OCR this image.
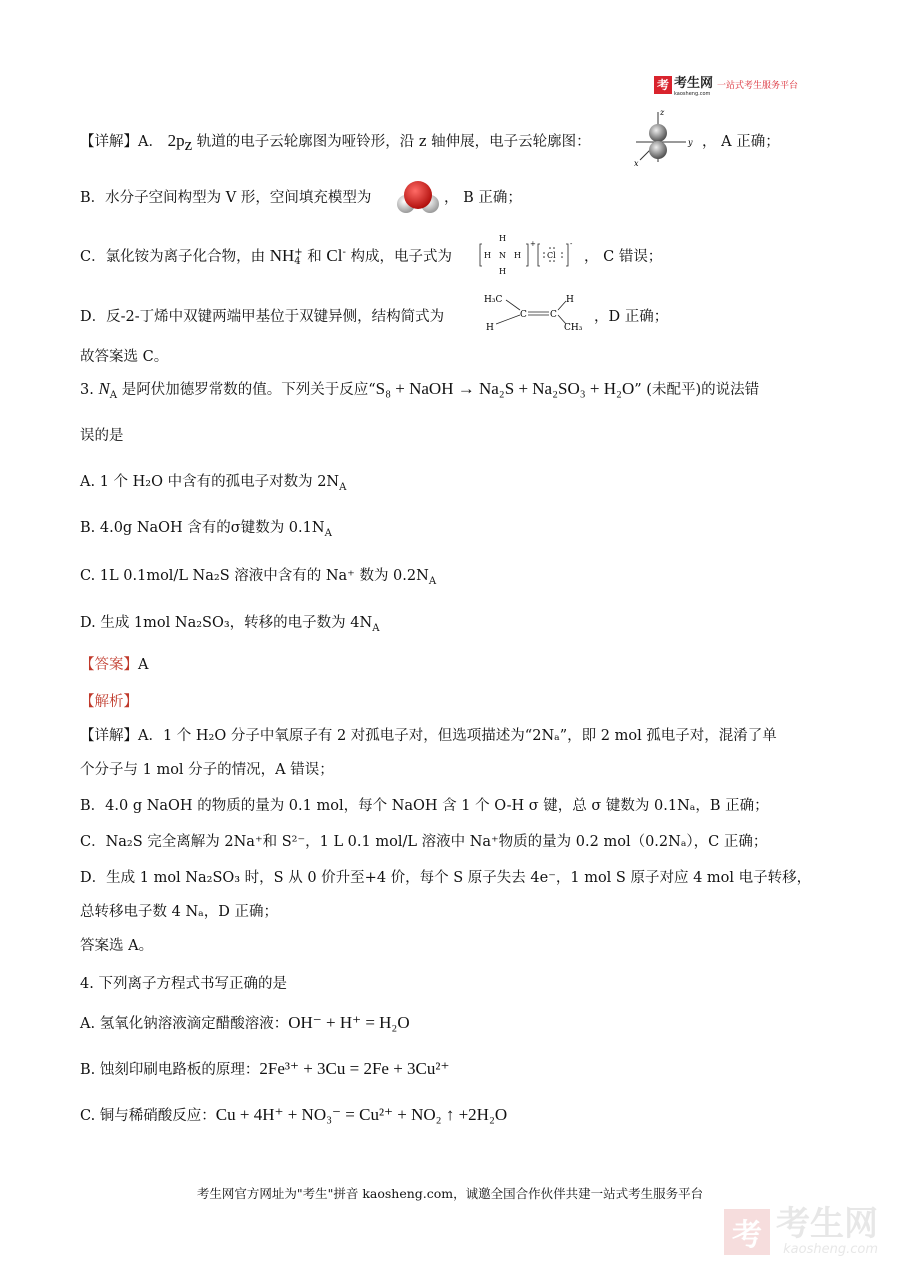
考 考生网
kaosheng.com
一站式考生服务平台
【详解】A． $2p_z$ 轨道的电子云轮廓图为哑铃形，沿 z 轴伸展，电子云轮廓图：
z
y
x
， A 正确；
B．水分子空间构型为 V 形，空间填充模型为	， B 正确；
C．氯化铵为离子化合物，由 NH +
4 和 Cl- 构成，电子式为
H
H N H
H
+
Cl
-
， C 错误；
D．反-2-丁烯中双键两端甲基位于双键异侧，结构简式为
H₃C	H
C	C
H	CH₃
，D 正确；
故答案选 C。
3. $N_A$ 是阿伏加德罗常数的值。下列关于反应“S₈ + NaOH → Na₂S + Na₂SO₃ + H₂O” (未配平)的说法错
误的是
A. 1 个 H₂O 中含有的孤电子对数为 $2N_A$
B. 4.0g NaOH 含有的σ键数为 $0.1N_A$
C. 1L 0.1mol/L Na₂S 溶液中含有的 Na⁺ 数为 $0.2N_A$
D. 生成 1mol Na₂SO₃，转移的电子数为 $4N_A$
【答案】A
【解析】
【详解】A．1 个 H₂O 分子中氧原子有 2 对孤电子对，但选项描述为“2Nₐ”，即 2 mol 孤电子对，混淆了单
个分子与 1 mol 分子的情况，A 错误；
B．4.0 g NaOH 的物质的量为 0.1 mol，每个 NaOH 含 1 个 O-H σ 键，总 σ 键数为 0.1Nₐ，B 正确；
C．Na₂S 完全离解为 2Na⁺和 S²⁻，1 L 0.1 mol/L 溶液中 Na⁺物质的量为 0.2 mol（0.2Nₐ），C 正确；
D．生成 1 mol Na₂SO₃ 时，S 从 0 价升至+4 价，每个 S 原子失去 4e⁻，1 mol S 原子对应 4 mol 电子转移，
总转移电子数 4 Nₐ，D 正确；
答案选 A。
4. 下列离子方程式书写正确的是
A. 氢氧化钠溶液滴定醋酸溶液：OH⁻ + H⁺ = H₂O
B. 蚀刻印刷电路板的原理：2Fe³⁺ + 3Cu = 2Fe + 3Cu²⁺
C. 铜与稀硝酸反应：Cu + 4H⁺ + NO₃⁻ = Cu²⁺ + NO₂ ↑ +2H₂O
考生网官方网址为"考生"拼音 kaosheng.com，诚邀全国合作伙伴共建一站式考生服务平台
考 考生网
kaosheng.com
